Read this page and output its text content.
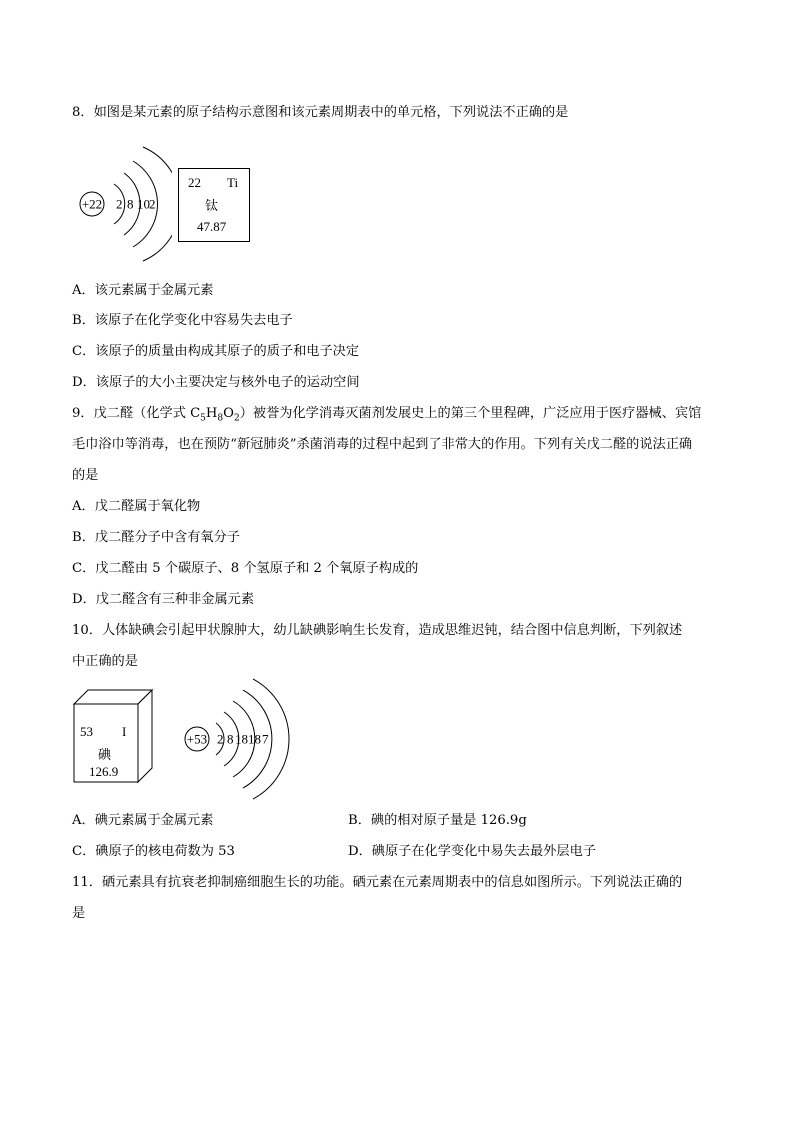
8．如图是某元素的原子结构示意图和该元素周期表中的单元格，下列说法不正确的是
+22 2 8 10 2
22 Ti
钛
47.87
A．该元素属于金属元素
B．该原子在化学变化中容易失去电子
C．该原子的质量由构成其原子的质子和电子决定
D．该原子的大小主要决定与核外电子的运动空间
9．戊二醛（化学式 $C_5H_8O_2$）被誉为化学消毒灭菌剂发展史上的第三个里程碑，广泛应用于医疗器械、宾馆
毛巾浴巾等消毒，也在预防“新冠肺炎”杀菌消毒的过程中起到了非常大的作用。下列有关戊二醛的说法正确
的是
A．戊二醛属于氧化物
B．戊二醛分子中含有氧分子
C．戊二醛由 5 个碳原子、8 个氢原子和 2 个氧原子构成的
D．戊二醛含有三种非金属元素
10．人体缺碘会引起甲状腺肿大，幼儿缺碘影响生长发育，造成思维迟钝，结合图中信息判断，下列叙述
中正确的是
53 I
碘
126.9
+53 2 8 18 18 7
A．碘元素属于金属元素	B．碘的相对原子量是 126.9g
C．碘原子的核电荷数为 53	D．碘原子在化学变化中易失去最外层电子
11．硒元素具有抗衰老抑制癌细胞生长的功能。硒元素在元素周期表中的信息如图所示。下列说法正确的
是
